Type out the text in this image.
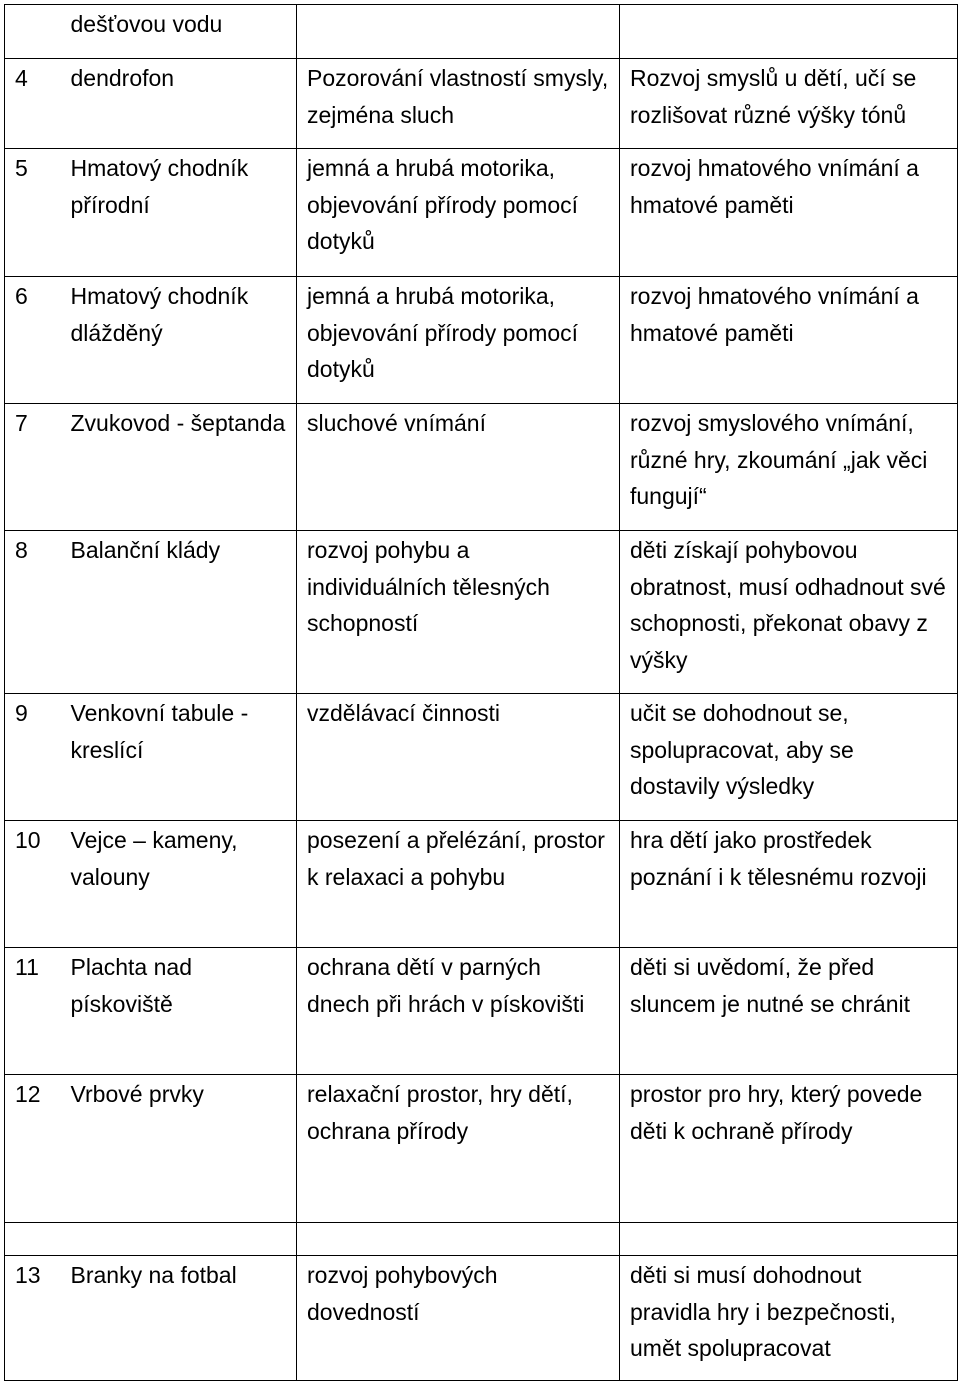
	dešťovou vodu		
4	dendrofon	Pozorování vlastností smysly, zejména sluch	Rozvoj smyslů u dětí, učí se rozlišovat různé výšky tónů
5	Hmatový chodník přírodní	jemná a hrubá motorika, objevování přírody pomocí dotyků	rozvoj hmatového vnímání a hmatové paměti
6	Hmatový chodník dlážděný	jemná a hrubá motorika, objevování přírody pomocí dotyků	rozvoj hmatového vnímání a hmatové paměti
7	Zvukovod - šeptanda	sluchové vnímání	rozvoj smyslového vnímání, různé hry, zkoumání „jak věci fungují“
8	Balanční klády	rozvoj pohybu a individuálních tělesných schopností	děti získají pohybovou obratnost, musí odhadnout své schopnosti, překonat obavy z výšky
9	Venkovní tabule - kreslící	vzdělávací činnosti	učit se dohodnout se, spolupracovat, aby se dostavily výsledky
10	Vejce – kameny, valouny	posezení a přelézání, prostor k relaxaci a pohybu	hra dětí jako prostředek poznání i k tělesnému rozvoji
11	Plachta nad pískoviště	ochrana dětí v parných dnech při hrách v pískovišti	děti si uvědomí, že před sluncem je nutné se chránit
12	Vrbové prvky	relaxační prostor, hry dětí, ochrana přírody	prostor pro hry, který povede děti k ochraně přírody

13	Branky na fotbal	rozvoj pohybových dovedností	děti si musí dohodnout pravidla hry i bezpečnosti, umět spolupracovat
